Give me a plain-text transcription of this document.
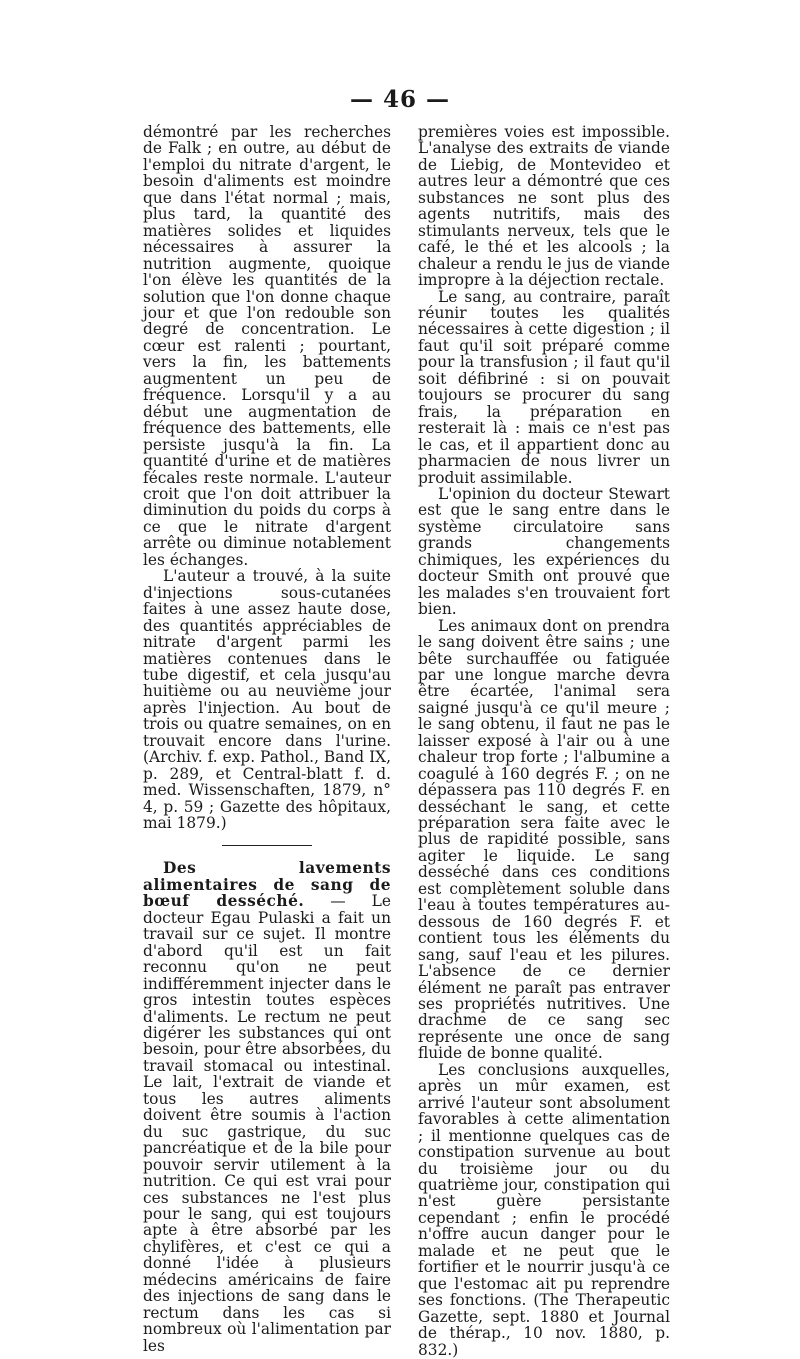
— 46 —

démontré par les recherches de Falk ; en outre, au début de l'emploi du nitrate d'argent, le besoin d'aliments est moindre que dans l'état normal ; mais, plus tard, la quantité des matières solides et liquides nécessaires à assurer la nutrition augmente, quoique l'on élève les quantités de la solution que l'on donne chaque jour et que l'on redouble son degré de concentration. Le cœur est ralenti ; pourtant, vers la fin, les battements augmentent un peu de fréquence. Lorsqu'il y a au début une augmentation de fréquence des battements, elle persiste jusqu'à la fin. La quantité d'urine et de matières fécales reste normale. L'auteur croit que l'on doit attribuer la diminution du poids du corps à ce que le nitrate d'argent arrête ou diminue notablement les échanges.

L'auteur a trouvé, à la suite d'injections sous-cutanées faites à une assez haute dose, des quantités appréciables de nitrate d'argent parmi les matières contenues dans le tube digestif, et cela jusqu'au huitième ou au neuvième jour après l'injection. Au bout de trois ou quatre semaines, on en trouvait encore dans l'urine. (Archiv. f. exp. Pathol., Band IX, p. 289, et Central-blatt f. d. med. Wissenschaften, 1879, n° 4, p. 59 ; Gazette des hôpitaux, mai 1879.)

Des lavements alimentaires de sang de bœuf desséché. — Le docteur Egau Pulaski a fait un travail sur ce sujet. Il montre d'abord qu'il est un fait reconnu qu'on ne peut indifféremment injecter dans le gros intestin toutes espèces d'aliments. Le rectum ne peut digérer les substances qui ont besoin, pour être absorbées, du travail stomacal ou intestinal. Le lait, l'extrait de viande et tous les autres aliments doivent être soumis à l'action du suc gastrique, du suc pancréatique et de la bile pour pouvoir servir utilement à la nutrition. Ce qui est vrai pour ces substances ne l'est plus pour le sang, qui est toujours apte à être absorbé par les chylifères, et c'est ce qui a donné l'idée à plusieurs médecins américains de faire des injections de sang dans le rectum dans les cas si nombreux où l'alimentation par les

premières voies est impossible. L'analyse des extraits de viande de Liebig, de Montevideo et autres leur a démontré que ces substances ne sont plus des agents nutritifs, mais des stimulants nerveux, tels que le café, le thé et les alcools ; la chaleur a rendu le jus de viande impropre à la déjection rectale.

Le sang, au contraire, paraît réunir toutes les qualités nécessaires à cette digestion ; il faut qu'il soit préparé comme pour la transfusion ; il faut qu'il soit défibriné : si on pouvait toujours se procurer du sang frais, la préparation en resterait là : mais ce n'est pas le cas, et il appartient donc au pharmacien de nous livrer un produit assimilable.

L'opinion du docteur Stewart est que le sang entre dans le système circulatoire sans grands changements chimiques, les expériences du docteur Smith ont prouvé que les malades s'en trouvaient fort bien.

Les animaux dont on prendra le sang doivent être sains ; une bête surchauffée ou fatiguée par une longue marche devra être écartée, l'animal sera saigné jusqu'à ce qu'il meure ; le sang obtenu, il faut ne pas le laisser exposé à l'air ou à une chaleur trop forte ; l'albumine a coagulé à 160 degrés F. ; on ne dépassera pas 110 degrés F. en desséchant le sang, et cette préparation sera faite avec le plus de rapidité possible, sans agiter le liquide. Le sang desséché dans ces conditions est complètement soluble dans l'eau à toutes températures au-dessous de 160 degrés F. et contient tous les éléments du sang, sauf l'eau et les pilures. L'absence de ce dernier élément ne paraît pas entraver ses propriétés nutritives. Une drachme de ce sang sec représente une once de sang fluide de bonne qualité.

Les conclusions auxquelles, après un mûr examen, est arrivé l'auteur sont absolument favorables à cette alimentation ; il mentionne quelques cas de constipation survenue au bout du troisième jour ou du quatrième jour, constipation qui n'est guère persistante cependant ; enfin le procédé n'offre aucun danger pour le malade et ne peut que le fortifier et le nourrir jusqu'à ce que l'estomac ait pu reprendre ses fonctions. (The Therapeutic Gazette, sept. 1880 et Journal de thérap., 10 nov. 1880, p. 832.)
